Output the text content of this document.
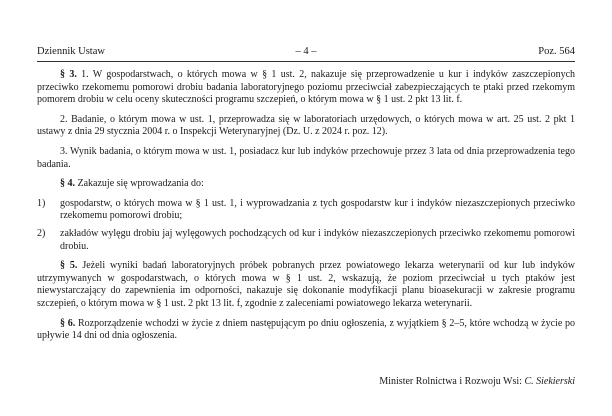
Dziennik Ustaw	– 4 –	Poz. 564

§ 3. 1. W gospodarstwach, o których mowa w § 1 ust. 2, nakazuje się przeprowadzenie u kur i indyków zaszczepionych przeciwko rzekomemu pomorowi drobiu badania laboratoryjnego poziomu przeciwciał zabezpieczających te ptaki przed rzekomym pomorem drobiu w celu oceny skuteczności programu szczepień, o którym mowa w § 1 ust. 2 pkt 13 lit. f.

2. Badanie, o którym mowa w ust. 1, przeprowadza się w laboratoriach urzędowych, o których mowa w art. 25 ust. 2 pkt 1 ustawy z dnia 29 stycznia 2004 r. o Inspekcji Weterynaryjnej (Dz. U. z 2024 r. poz. 12).

3. Wynik badania, o którym mowa w ust. 1, posiadacz kur lub indyków przechowuje przez 3 lata od dnia przeprowadzenia tego badania.

§ 4. Zakazuje się wprowadzania do:

1) gospodarstw, o których mowa w § 1 ust. 1, i wyprowadzania z tych gospodarstw kur i indyków niezaszczepionych przeciwko rzekomemu pomorowi drobiu;
2) zakładów wylęgu drobiu jaj wylęgowych pochodzących od kur i indyków niezaszczepionych przeciwko rzekomemu pomorowi drobiu.

§ 5. Jeżeli wyniki badań laboratoryjnych próbek pobranych przez powiatowego lekarza weterynarii od kur lub indyków utrzymywanych w gospodarstwach, o których mowa w § 1 ust. 2, wskazują, że poziom przeciwciał u tych ptaków jest niewystarczający do zapewnienia im odporności, nakazuje się dokonanie modyfikacji planu bioasekuracji w zakresie programu szczepień, o którym mowa w § 1 ust. 2 pkt 13 lit. f, zgodnie z zaleceniami powiatowego lekarza weterynarii.

§ 6. Rozporządzenie wchodzi w życie z dniem następującym po dniu ogłoszenia, z wyjątkiem § 2–5, które wchodzą w życie po upływie 14 dni od dnia ogłoszenia.

Minister Rolnictwa i Rozwoju Wsi: C. Siekierski
